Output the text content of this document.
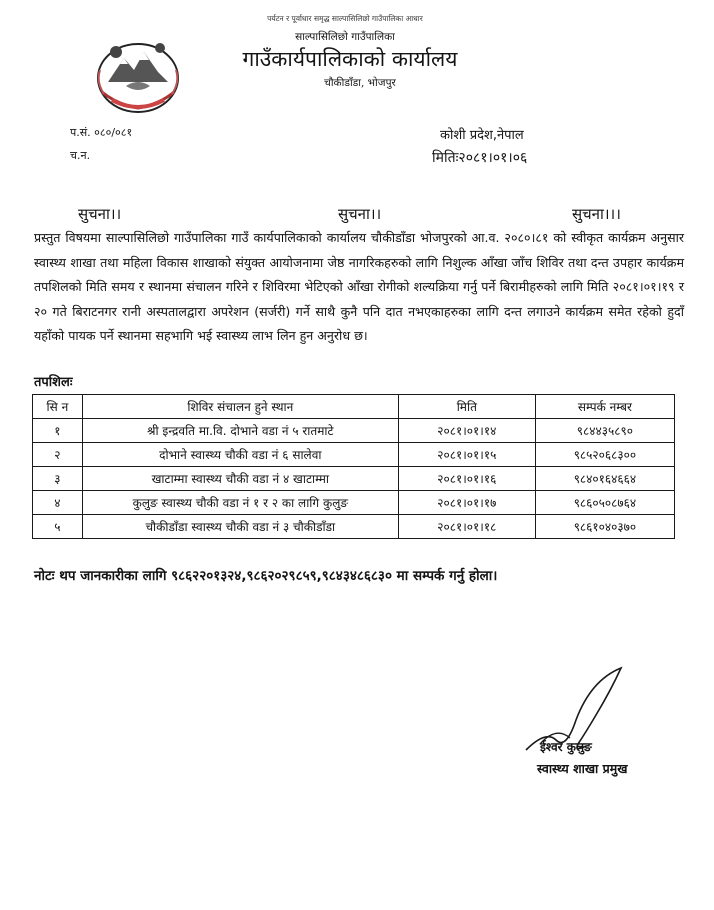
पर्यटन र पूर्वाधार समृद्ध साल्पासिलिछो गाउँपालिका आधार
साल्पासिलिछो गाउँपालिका
गाउँकार्यपालिकाको कार्यालय
चौकीडाँडा, भोजपुर
प.सं. ०८०/०८१
च.न.
कोशी प्रदेश,नेपाल
मितिः२०८१।०१।०६
सुचना।।	सुचना।।	सुचना।।।
प्रस्तुत विषयमा साल्पासिलिछो गाउँपालिका गाउँ कार्यपालिकाको कार्यालय चौकीडाँडा भोजपुरको आ.व. २०८०।८१ को स्वीकृत कार्यक्रम अनुसार स्वास्थ्य शाखा तथा महिला विकास शाखाको संयुक्त आयोजनामा जेष्ठ नागरिकहरुको लागि निशुल्क आँखा जाँच शिविर तथा दन्त उपहार कार्यक्रम तपशिलको मिति समय र स्थानमा संचालन गरिने र शिविरमा भेटिएको आँखा रोगीको शल्यक्रिया गर्नु पर्ने बिरामीहरुको लागि मिति २०८१।०१।१९ र २० गते बिराटनगर रानी अस्पतालद्वारा अपरेशन (सर्जरी) गर्ने साथै कुनै पनि दात नभएकाहरुका लागि दन्त लगाउने कार्यक्रम समेत रहेको हुदाँ यहाँको पायक पर्ने स्थानमा सहभागि भई स्वास्थ्य लाभ लिन हुन अनुरोध छ।
तपशिलः
सि न	शिविर संचालन हुने स्थान	मिति	सम्पर्क नम्बर
१	श्री इन्द्रवति मा.वि. दोभाने वडा नं ५ रातमाटे	२०८१।०१।१४	९८४४३५८९०
२	दोभाने स्वास्थ्य चौकी वडा नं ६ सालेवा	२०८१।०१।१५	९८५२०६८३००
३	खाटाम्मा स्वास्थ्य चौकी वडा नं ४ खाटाम्मा	२०८१।०१।१६	९८४०१६४६६४
४	कुलुङ स्वास्थ्य चौकी वडा नं १ र २ का लागि कुलुङ	२०८१।०१।१७	९८६०५०८७६४
५	चौकीडाँडा स्वास्थ्य चौकी वडा नं ३ चौकीडाँडा	२०८१।०१।१८	९८६१०४०३७०
नोटः थप जानकारीका लागि ९८६२२०१३२४,९८६२०२९८५९,९८४३४८६८३० मा सम्पर्क गर्नु होला।
ईश्वर कुलुङ
स्वास्थ्य शाखा प्रमुख
